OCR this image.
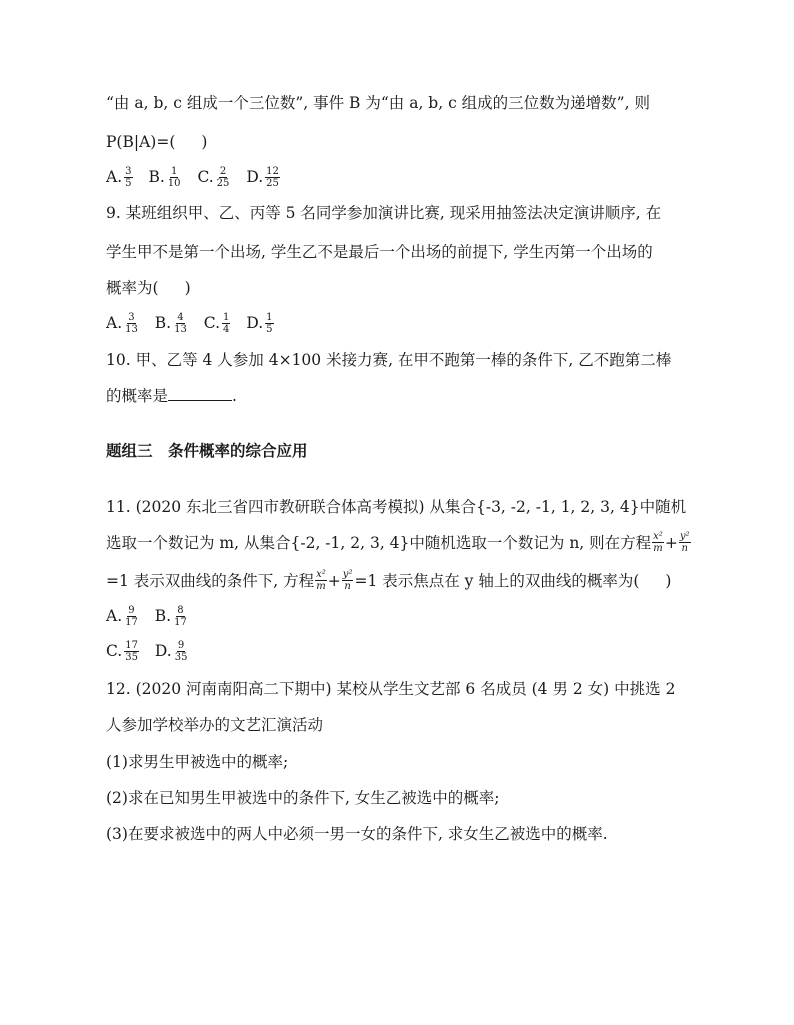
“由 a, b, c 组成一个三位数”, 事件 B 为“由 a, b, c 组成的三位数为递增数”, 则
P(B|A)=( )
A. $\frac{3}{5} B$. $\frac{1}{10} C$. $\frac{2}{25} D$. $\frac{12}{25}$
9. 某班组织甲、乙、丙等 5 名同学参加演讲比赛, 现采用抽签法决定演讲顺序, 在
学生甲不是第一个出场, 学生乙不是最后一个出场的前提下, 学生丙第一个出场的
概率为( )
A. $\frac{3}{13} B$. $\frac{4}{13} C$. $\frac{1}{4} D$. $\frac{1}{5}$
10. 甲、乙等 4 人参加 4×100 米接力赛, 在甲不跑第一棒的条件下, 乙不跑第二棒
的概率是	.
题组三　条件概率的综合应用
11. (2020 东北三省四市教研联合体高考模拟) 从集合{-3, -2, -1, 1, 2, 3, 4}中随机
选取一个数记为 m, 从集合{-2, -1, 2, 3, 4}中随机选取一个数记为 n, 则在方程 $\frac{\text{x²}}{m} + \frac{\text{y²}}{n}$
=1 表示双曲线的条件下, 方程 $\frac{\text{x²}}{m} + \frac{\text{y²}}{n} =1$ 表示焦点在 y 轴上的双曲线的概率为( )
A. $\frac{9}{17} B$. $\frac{8}{17}$
C. $\frac{17}{35} D$. $\frac{9}{35}$
12. (2020 河南南阳高二下期中) 某校从学生文艺部 6 名成员 (4 男 2 女) 中挑选 2
人参加学校举办的文艺汇演活动
(1)求男生甲被选中的概率;
(2)求在已知男生甲被选中的条件下, 女生乙被选中的概率;
(3)在要求被选中的两人中必须一男一女的条件下, 求女生乙被选中的概率.
